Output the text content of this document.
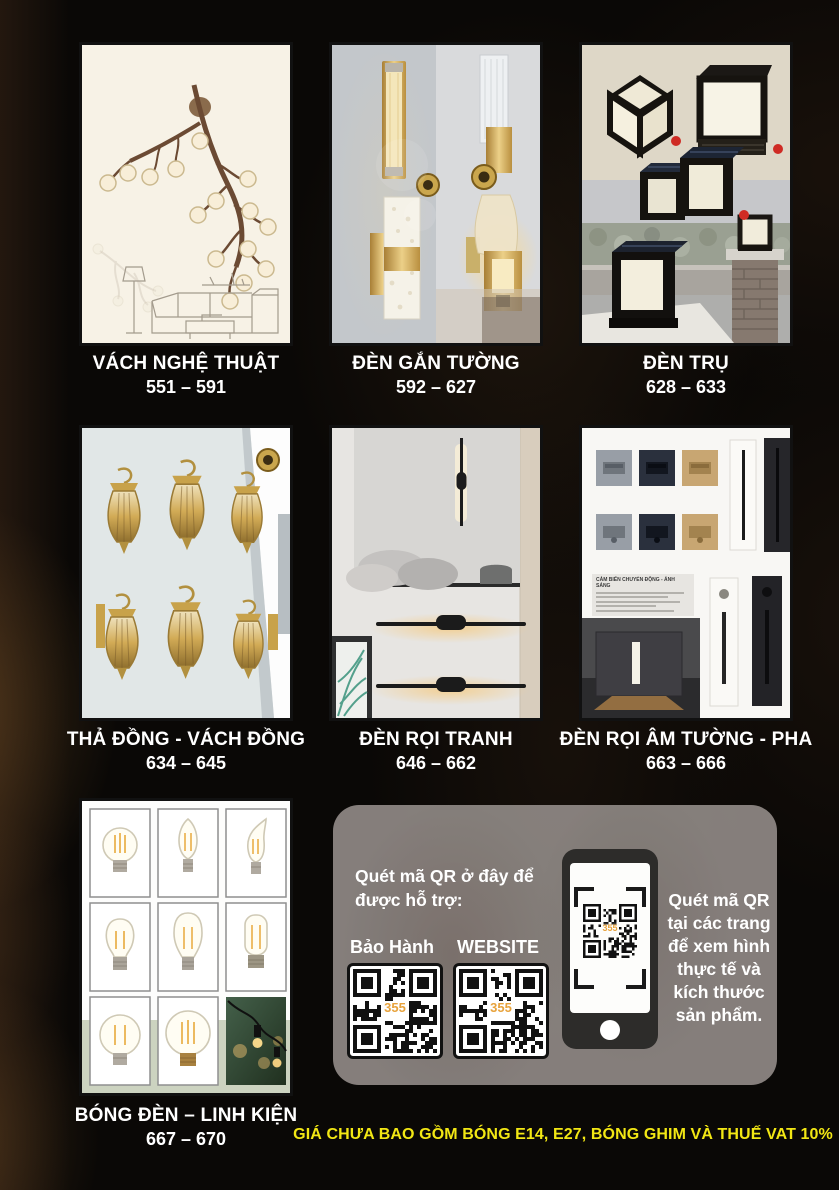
VÁCH NGHỆ THUẬT
551 – 591
ĐÈN GẮN TƯỜNG
592 – 627
ĐÈN TRỤ
628 – 633
CẢM BIẾN CHUYỂN ĐỘNG - ÁNH SÁNG
THẢ ĐỒNG - VÁCH ĐỒNG
634 – 645
ĐÈN RỌI TRANH
646 – 662
ĐÈN RỌI ÂM TƯỜNG - PHA
663 – 666
BÓNG ĐÈN – LINH KIỆN
667 – 670
Quét mã QR ở đây để được hỗ trợ:
Bảo Hành
355
WEBSITE
355
355
Quét mã QR tại các trang để xem hình thực tế và kích thước sản phẩm.
GIÁ CHƯA BAO GỒM BÓNG E14, E27, BÓNG GHIM VÀ THUẾ VAT 10%
